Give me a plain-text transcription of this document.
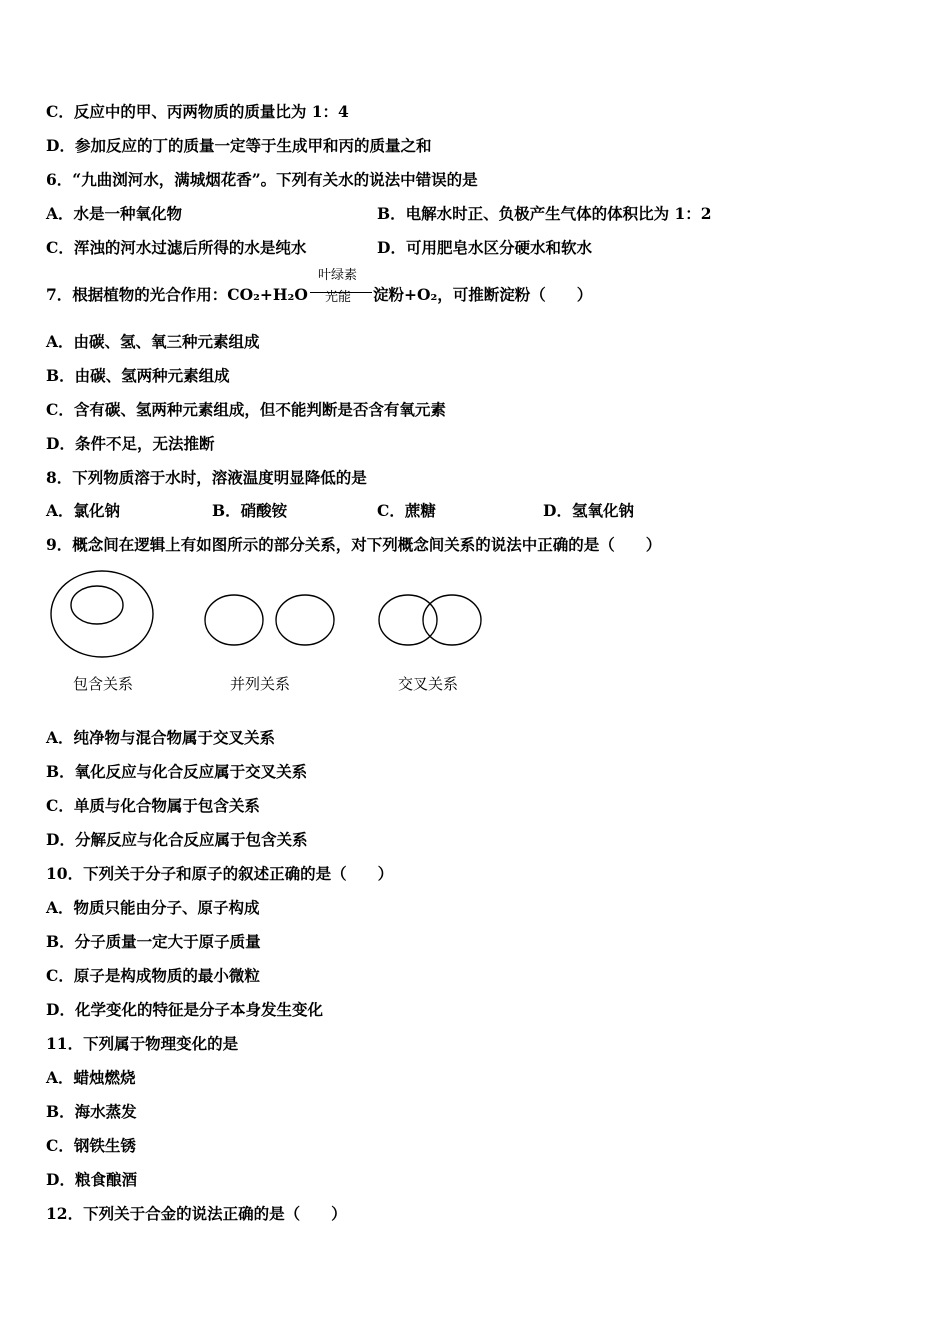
C．反应中的甲、丙两物质的质量比为 1：4
D．参加反应的丁的质量一定等于生成甲和丙的质量之和
6．“九曲浏河水，满城烟花香”。下列有关水的说法中错误的是
A．水是一种氧化物	B．电解水时正、负极产生气体的体积比为 1：2
C．浑浊的河水过滤后所得的水是纯水	D．可用肥皂水区分硬水和软水
7．根据植物的光合作用：CO₂+H₂O
叶绿素
光能 淀粉+O₂，可推断淀粉（　　）
A．由碳、氢、氧三种元素组成
B．由碳、氢两种元素组成
C．含有碳、氢两种元素组成，但不能判断是否含有氧元素
D．条件不足，无法推断
8．下列物质溶于水时，溶液温度明显降低的是
A．氯化钠	B．硝酸铵	C．蔗糖	D．氢氧化钠
9．概念间在逻辑上有如图所示的部分关系，对下列概念间关系的说法中正确的是（　　）
包含关系	并列关系	交叉关系
A．纯净物与混合物属于交叉关系
B．氧化反应与化合反应属于交叉关系
C．单质与化合物属于包含关系
D．分解反应与化合反应属于包含关系
10．下列关于分子和原子的叙述正确的是（　　）
A．物质只能由分子、原子构成
B．分子质量一定大于原子质量
C．原子是构成物质的最小微粒
D．化学变化的特征是分子本身发生变化
11．下列属于物理变化的是
A．蜡烛燃烧
B．海水蒸发
C．钢铁生锈
D．粮食酿酒
12．下列关于合金的说法正确的是（　　）
